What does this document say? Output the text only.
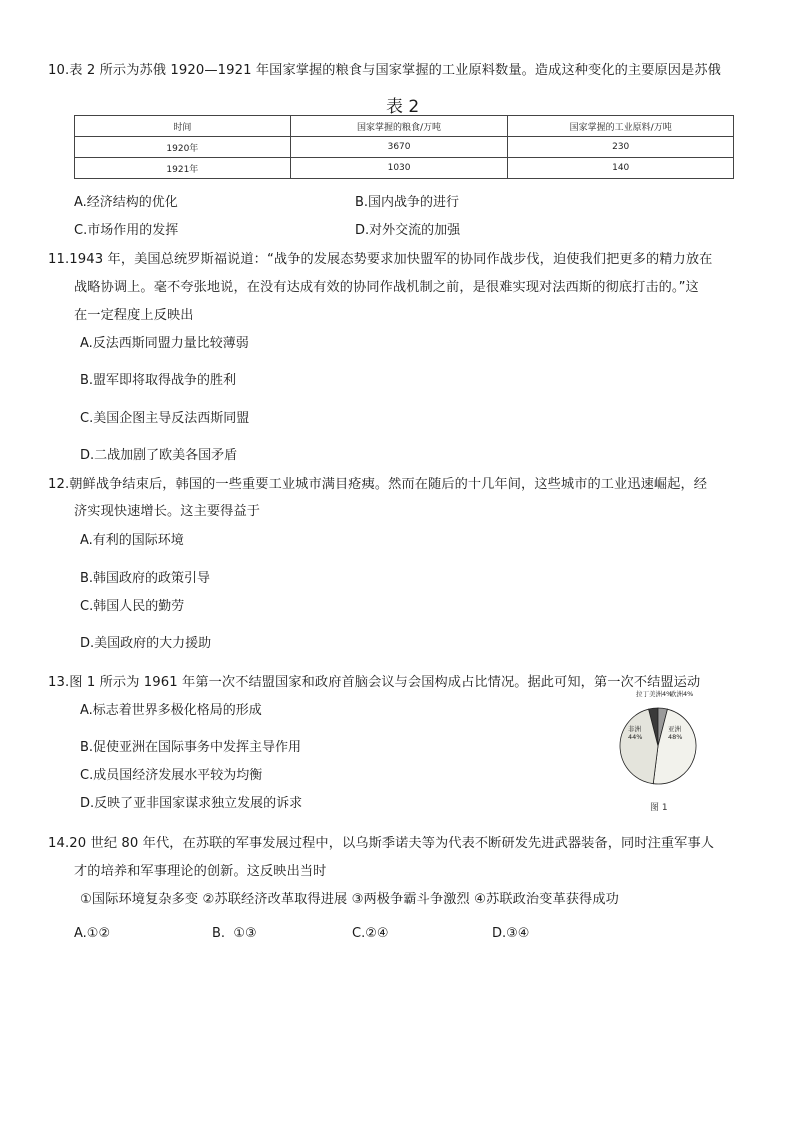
10.表 2 所示为苏俄 1920—1921 年国家掌握的粮食与国家掌握的工业原料数量。造成这种变化的主要原因是苏俄
表 2
时间	国家掌握的粮食/万吨	国家掌握的工业原料/万吨
1920年	3670	230
1921年	1030	140
A.经济结构的优化	B.国内战争的进行
C.市场作用的发挥	D.对外交流的加强
11.1943 年，美国总统罗斯福说道：“战争的发展态势要求加快盟军的协同作战步伐，迫使我们把更多的精力放在
战略协调上。毫不夸张地说，在没有达成有效的协同作战机制之前，是很难实现对法西斯的彻底打击的。”这
在一定程度上反映出
A.反法西斯同盟力量比较薄弱
B.盟军即将取得战争的胜利
C.美国企图主导反法西斯同盟
D.二战加剧了欧美各国矛盾
12.朝鲜战争结束后，韩国的一些重要工业城市满目疮痍。然而在随后的十几年间，这些城市的工业迅速崛起，经
济实现快速增长。这主要得益于
A.有利的国际环境
B.韩国政府的政策引导
C.韩国人民的勤劳
D.美国政府的大力援助
13.图 1 所示为 1961 年第一次不结盟国家和政府首脑会议与会国构成占比情况。据此可知，第一次不结盟运动
A.标志着世界多极化格局的形成
B.促使亚洲在国际事务中发挥主导作用
C.成员国经济发展水平较为均衡
D.反映了亚非国家谋求独立发展的诉求
拉丁美洲4%
欧洲4%
亚洲 48%
非洲 44%
图 1
14.20 世纪 80 年代，在苏联的军事发展过程中，以乌斯季诺夫等为代表不断研发先进武器装备，同时注重军事人
才的培养和军事理论的创新。这反映出当时
①国际环境复杂多变 ②苏联经济改革取得进展 ③两极争霸斗争激烈 ④苏联政治变革获得成功
A.①②	B.  ①③	C.②④	D.③④
